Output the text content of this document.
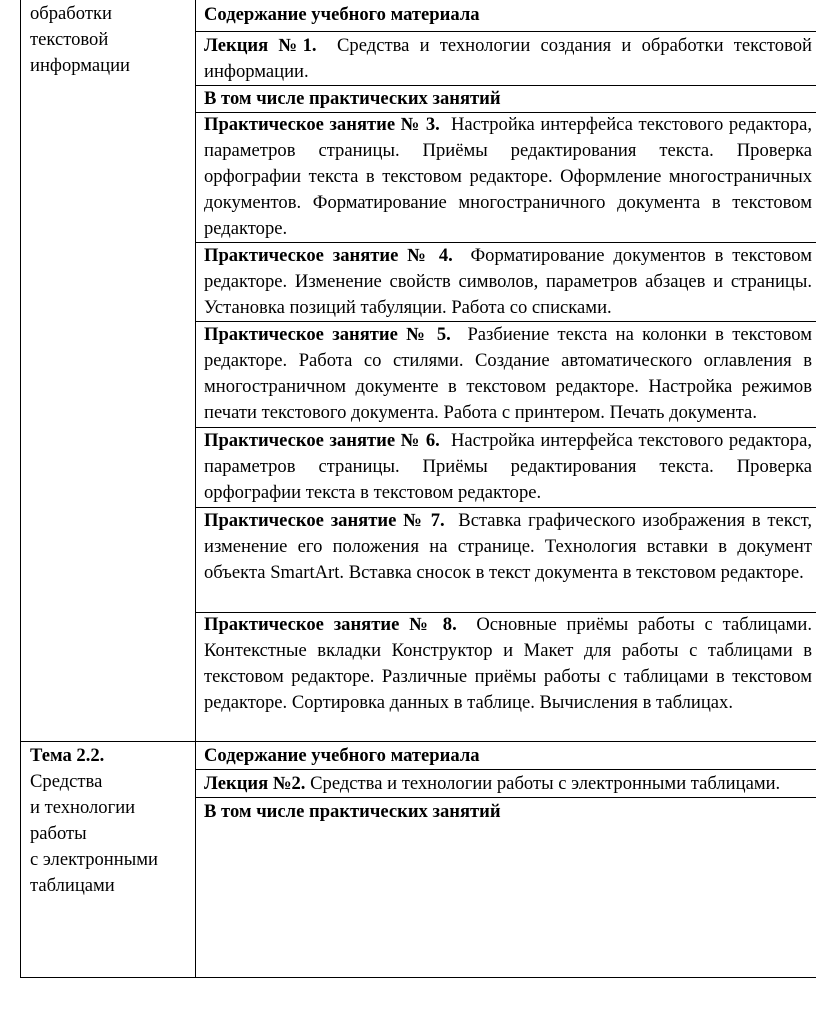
обработки
текстовой
информации
Содержание учебного материала
Лекция №1. Средства и технологии создания и обработки текстовой информации.
В том числе практических занятий
Практическое занятие № 3. Настройка интерфейса текстового редактора, параметров страницы. Приёмы редактирования текста. Проверка орфографии текста в текстовом редакторе. Оформление многостраничных документов. Форматирование многостраничного документа в текстовом редакторе.
Практическое занятие № 4. Форматирование документов в текстовом редакторе. Изменение свойств символов, параметров абзацев и страницы. Установка позиций табуляции. Работа со списками.
Практическое занятие № 5. Разбиение текста на колонки в текстовом редакторе. Работа со стилями. Создание автоматического оглавления в многостраничном документе в текстовом редакторе. Настройка режимов печати текстового документа. Работа с принтером. Печать документа.
Практическое занятие № 6. Настройка интерфейса текстового редактора, параметров страницы. Приёмы редактирования текста. Проверка орфографии текста в текстовом редакторе.
Практическое занятие № 7. Вставка графического изображения в текст, изменение его положения на странице. Технология вставки в документ объекта SmartArt. Вставка сносок в текст документа в текстовом редакторе.
Практическое занятие № 8. Основные приёмы работы с таблицами. Контекстные вкладки Конструктор и Макет для работы с таблицами в текстовом редакторе. Различные приёмы работы с таблицами в текстовом редакторе. Сортировка данных в таблице. Вычисления в таблицах.
Тема 2.2.
Средства
и технологии
работы
с электронными
таблицами
Содержание учебного материала
Лекция №2. Средства и технологии работы с электронными таблицами.
В том числе практических занятий
